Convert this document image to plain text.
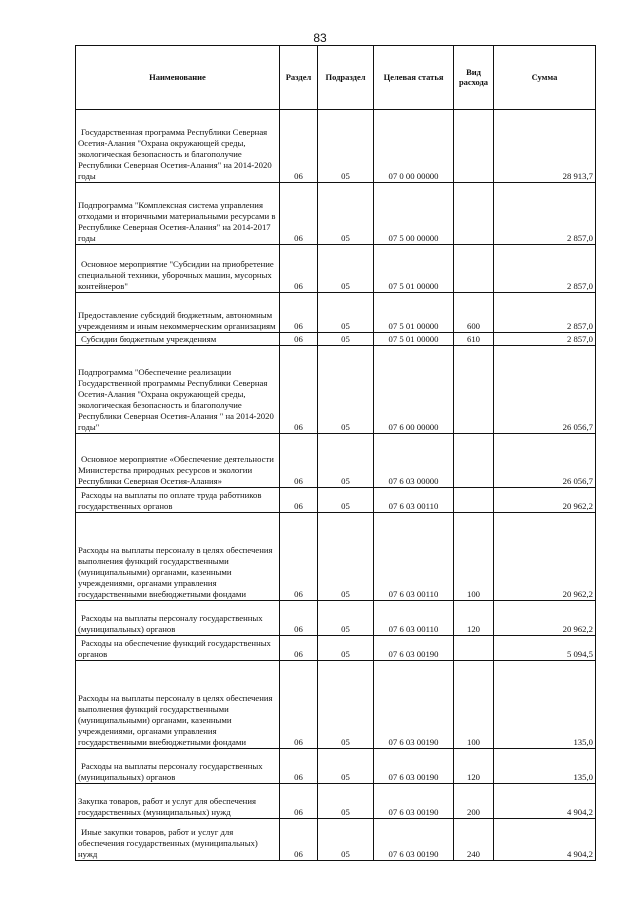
83
Наименование	Раздел	Подраздел	Целевая статья	Вид расхода	Сумма
Государственная программа Республики Северная Осетия-Алания "Охрана окружающей среды, экологическая безопасность и благополучие Республики Северная Осетия-Алания" на 2014-2020 годы	06	05	07 0 00 00000		28 913,7
Подпрограмма "Комплексная система управления отходами и вторичными материальными ресурсами в Республике Северная Осетия-Алания" на 2014-2017 годы	06	05	07 5 00 00000		2 857,0
Основное мероприятие "Субсидии на приобретение специальной техники, уборочных машин, мусорных контейнеров"	06	05	07 5 01 00000		2 857,0
Предоставление субсидий бюджетным, автономным учреждениям и иным некоммерческим организациям	06	05	07 5 01 00000	600	2 857,0
Субсидии бюджетным учреждениям	06	05	07 5 01 00000	610	2 857,0
Подпрограмма "Обеспечение реализации Государственной программы Республики Северная Осетия-Алания "Охрана окружающей среды, экологическая безопасность и благополучие Республики Северная Осетия-Алания " на 2014-2020 годы"	06	05	07 6 00 00000		26 056,7
Основное мероприятие «Обеспечение деятельности Министерства природных ресурсов и экологии Республики Северная Осетия-Алания»	06	05	07 6 03 00000		26 056,7
Расходы на выплаты по оплате труда работников государственных органов	06	05	07 6 03 00110		20 962,2
Расходы на выплаты персоналу в целях обеспечения выполнения функций государственными (муниципальными) органами, казенными учреждениями, органами управления государственными внебюджетными фондами	06	05	07 6 03 00110	100	20 962,2
Расходы на выплаты персоналу государственных (муниципальных) органов	06	05	07 6 03 00110	120	20 962,2
Расходы на обеспечение функций государственных органов	06	05	07 6 03 00190		5 094,5
Расходы на выплаты персоналу в целях обеспечения выполнения функций государственными (муниципальными) органами, казенными учреждениями, органами управления государственными внебюджетными фондами	06	05	07 6 03 00190	100	135,0
Расходы на выплаты персоналу государственных (муниципальных) органов	06	05	07 6 03 00190	120	135,0
Закупка товаров, работ и услуг для обеспечения государственных (муниципальных) нужд	06	05	07 6 03 00190	200	4 904,2
Иные закупки товаров, работ и услуг для обеспечения государственных (муниципальных) нужд	06	05	07 6 03 00190	240	4 904,2
